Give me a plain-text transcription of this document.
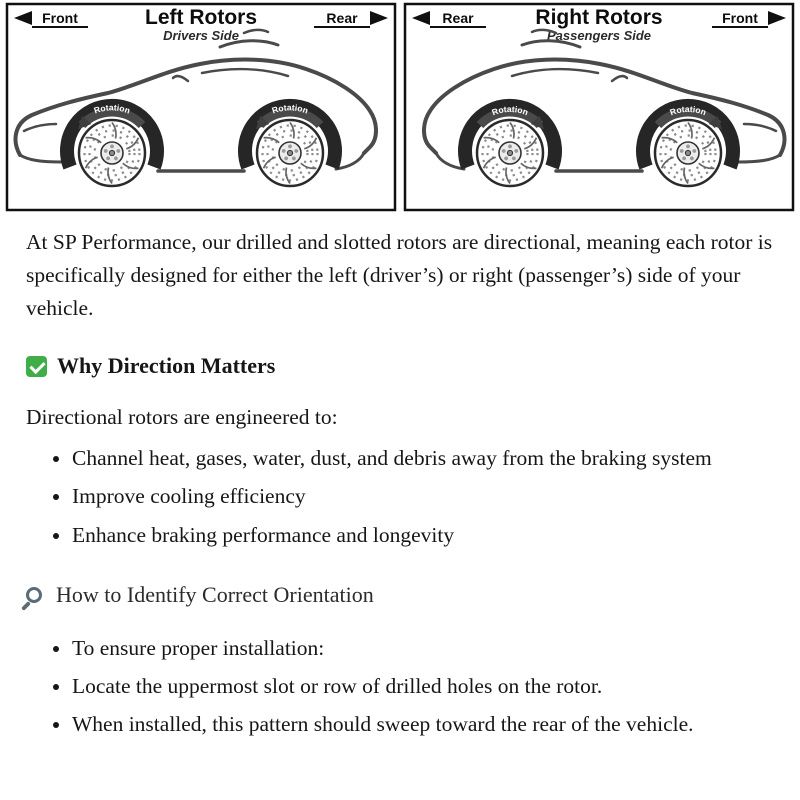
Front	Left Rotors
Drivers Side
Rear
Rotation	Rotation
Rear	Right Rotors
Passengers Side
Front
Rotation	Rotation

At SP Performance, our drilled and slotted rotors are directional, meaning each rotor is specifically designed for either the left (driver’s) or right (passenger’s) side of your vehicle.

Why Direction Matters

Directional rotors are engineered to:

• Channel heat, gases, water, dust, and debris away from the braking system
• Improve cooling efficiency
• Enhance braking performance and longevity
How to Identify Correct Orientation
• To ensure proper installation:
• Locate the uppermost slot or row of drilled holes on the rotor.
• When installed, this pattern should sweep toward the rear of the vehicle.
